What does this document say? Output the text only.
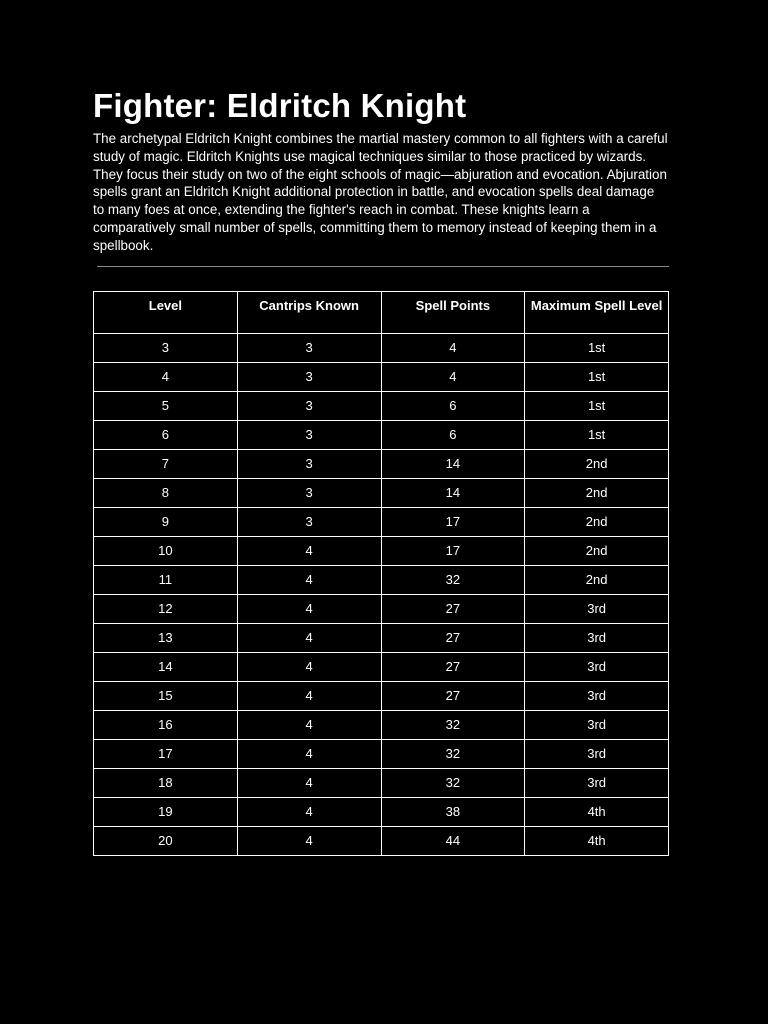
Fighter: Eldritch Knight

The archetypal Eldritch Knight combines the martial mastery common to all fighters with a careful study of magic. Eldritch Knights use magical techniques similar to those practiced by wizards. They focus their study on two of the eight schools of magic—abjuration and evocation. Abjuration spells grant an Eldritch Knight additional protection in battle, and evocation spells deal damage to many foes at once, extending the fighter's reach in combat. These knights learn a comparatively small number of spells, committing them to memory instead of keeping them in a spellbook.

Level	Cantrips Known	Spell Points	Maximum Spell Level
3	3	4	1st
4	3	4	1st
5	3	6	1st
6	3	6	1st
7	3	14	2nd
8	3	14	2nd
9	3	17	2nd
10	4	17	2nd
11	4	32	2nd
12	4	27	3rd
13	4	27	3rd
14	4	27	3rd
15	4	27	3rd
16	4	32	3rd
17	4	32	3rd
18	4	32	3rd
19	4	38	4th
20	4	44	4th
